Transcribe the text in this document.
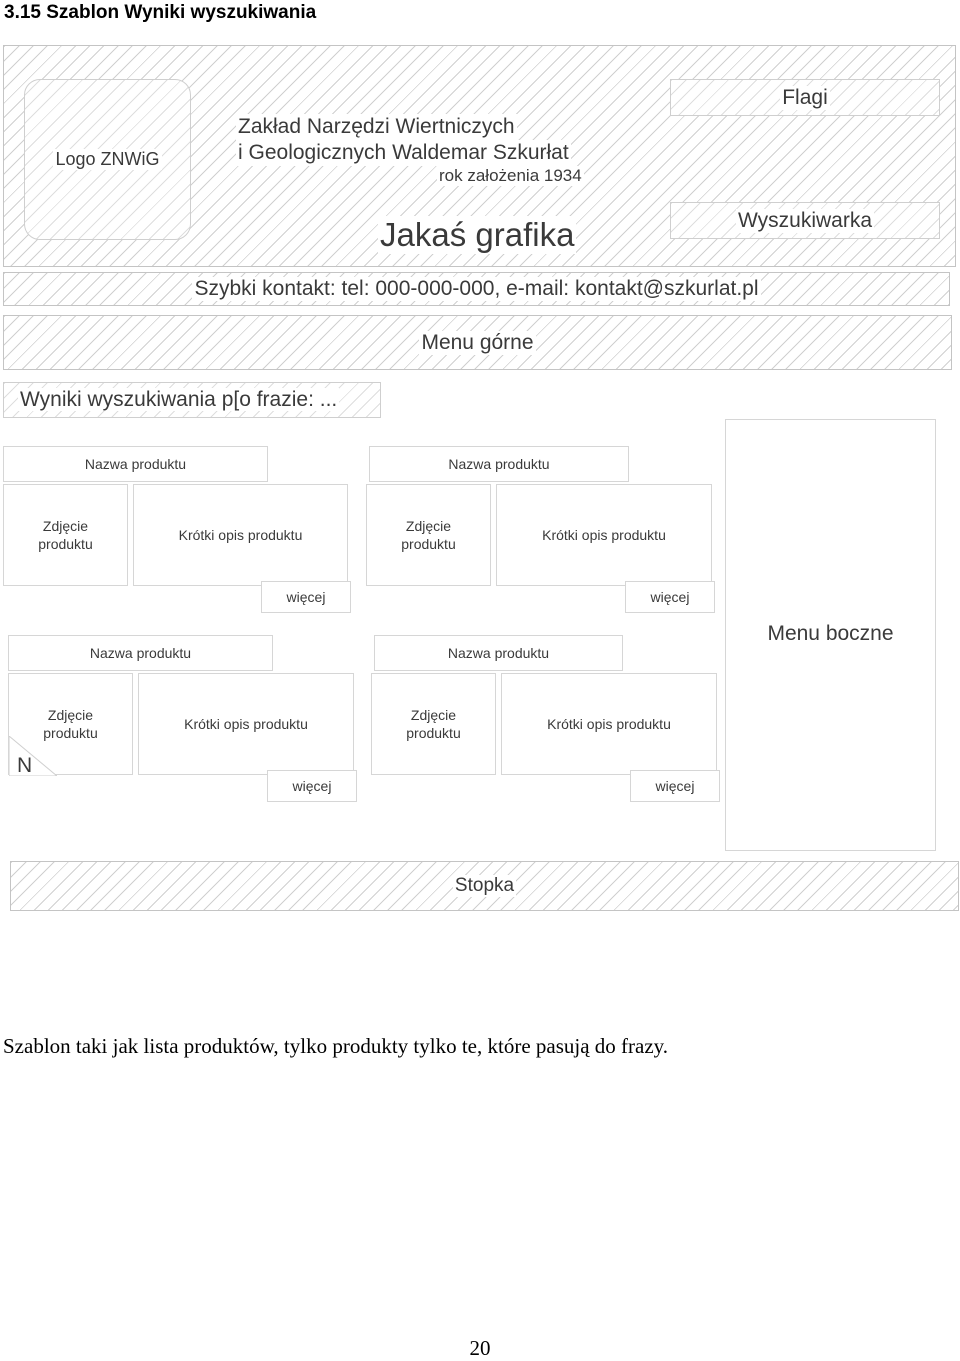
3.15 Szablon Wyniki wyszukiwania
Logo ZNWiG
Zakład Narzędzi Wiertniczych
i Geologicznych Waldemar Szkurłat
rok założenia 1934
Jakaś grafika
Flagi
Wyszukiwarka
Szybki kontakt: tel: 000-000-000, e-mail: kontakt@szkurlat.pl
Menu górne
Wyniki wyszukiwania p[o frazie: ...
Menu boczne
Nazwa produktu
Zdjęcie produktu
Krótki opis produktu
więcej
Nazwa produktu
Zdjęcie produktu
Krótki opis produktu
więcej
Nazwa produktu
Zdjęcie produktu
Krótki opis produktu
więcej
N
Nazwa produktu
Zdjęcie produktu
Krótki opis produktu
więcej
Stopka
Szablon taki jak lista produktów, tylko produkty tylko te, które pasują do frazy.
20
